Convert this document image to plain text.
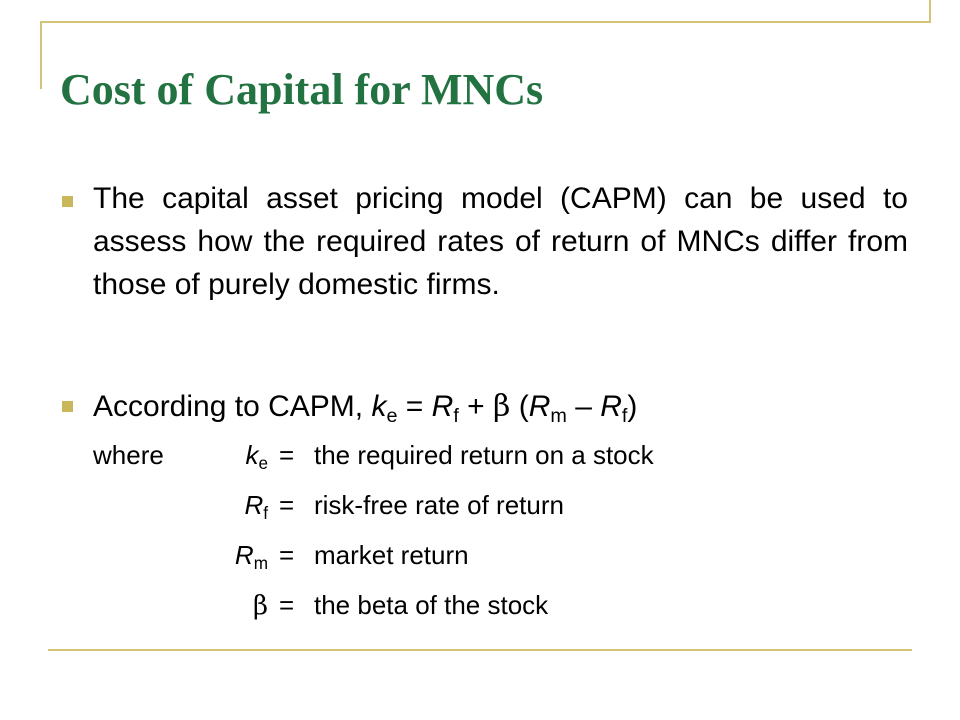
Cost of Capital for MNCs

The capital asset pricing model (CAPM) can be used to assess how the required rates of return of MNCs differ from those of purely domestic firms.

According to CAPM, $k_e = R_f + \beta$ $(R_m - R_f)$

where	$k_e$ = the required return on a stock
$R_f$ = risk-free rate of return
$R_m$ = market return
β = the beta of the stock
